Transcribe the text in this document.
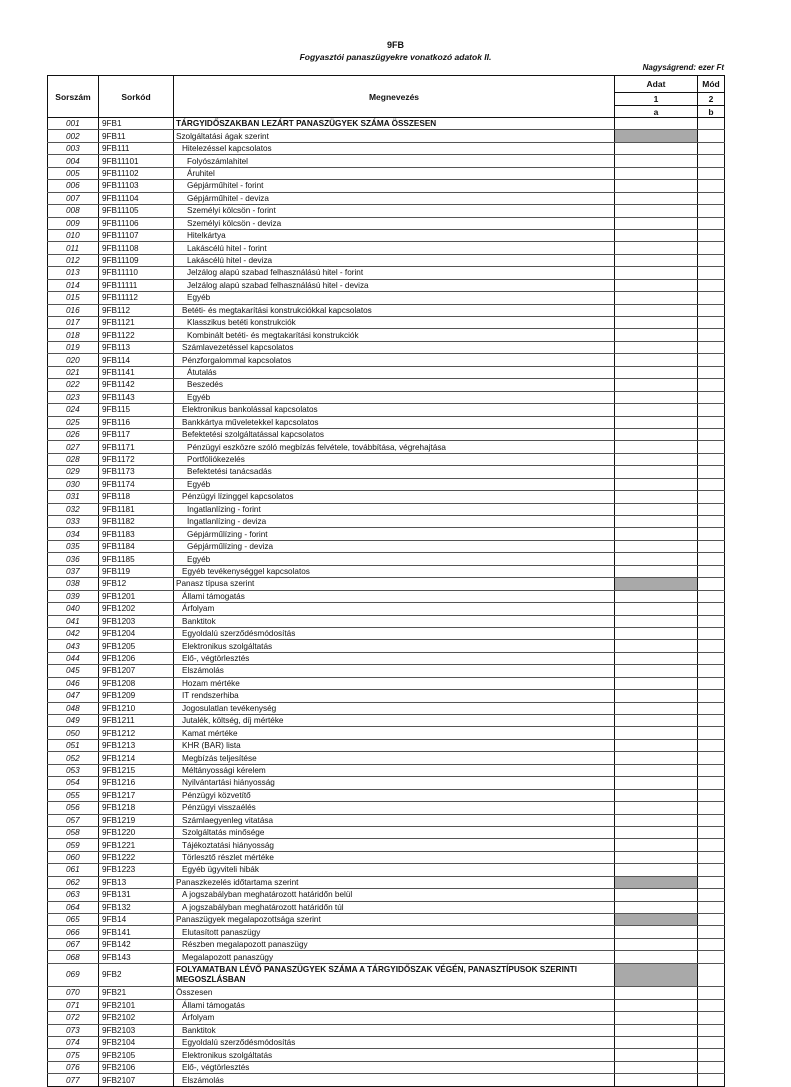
9FB
Fogyasztói panaszügyekre vonatkozó adatok II.
Nagyságrend: ezer Ft
Sorszám	Sorkód	Megnevezés	Adat	Mód
			1	2
			a	b
001	9FB1	TÁRGYIDŐSZAKBAN LEZÁRT PANASZÜGYEK SZÁMA ÖSSZESEN		
002	9FB11	Szolgáltatási ágak szerint		
003	9FB111	Hitelezéssel kapcsolatos		
004	9FB11101	Folyószámlahitel		
005	9FB11102	Áruhitel		
006	9FB11103	Gépjárműhitel - forint		
007	9FB11104	Gépjárműhitel - deviza		
008	9FB11105	Személyi kölcsön - forint		
009	9FB11106	Személyi kölcsön - deviza		
010	9FB11107	Hitelkártya		
011	9FB11108	Lakáscélú hitel - forint		
012	9FB11109	Lakáscélú hitel - deviza		
013	9FB11110	Jelzálog alapú szabad felhasználású hitel - forint		
014	9FB11111	Jelzálog alapú szabad felhasználású hitel - deviza		
015	9FB11112	Egyéb		
016	9FB112	Betéti- és megtakarítási konstrukciókkal kapcsolatos		
017	9FB1121	Klasszikus betéti konstrukciók		
018	9FB1122	Kombinált betéti- és megtakarítási konstrukciók		
019	9FB113	Számlavezetéssel kapcsolatos		
020	9FB114	Pénzforgalommal kapcsolatos		
021	9FB1141	Átutalás		
022	9FB1142	Beszedés		
023	9FB1143	Egyéb		
024	9FB115	Elektronikus bankolással kapcsolatos		
025	9FB116	Bankkártya műveletekkel kapcsolatos		
026	9FB117	Befektetési szolgáltatással kapcsolatos		
027	9FB1171	Pénzügyi eszközre szóló megbízás felvétele, továbbítása, végrehajtása		
028	9FB1172	Portfóliókezelés		
029	9FB1173	Befektetési tanácsadás		
030	9FB1174	Egyéb		
031	9FB118	Pénzügyi lízinggel kapcsolatos		
032	9FB1181	Ingatlanlízing - forint		
033	9FB1182	Ingatlanlízing - deviza		
034	9FB1183	Gépjárműlízing - forint		
035	9FB1184	Gépjárműlízing - deviza		
036	9FB1185	Egyéb		
037	9FB119	Egyéb tevékenységgel kapcsolatos		
038	9FB12	Panasz típusa szerint		
039	9FB1201	Állami támogatás		
040	9FB1202	Árfolyam		
041	9FB1203	Banktitok		
042	9FB1204	Egyoldalú szerződésmódosítás		
043	9FB1205	Elektronikus szolgáltatás		
044	9FB1206	Elő-, végtörlesztés		
045	9FB1207	Elszámolás		
046	9FB1208	Hozam mértéke		
047	9FB1209	IT rendszerhiba		
048	9FB1210	Jogosulatlan tevékenység		
049	9FB1211	Jutalék, költség, díj mértéke		
050	9FB1212	Kamat mértéke		
051	9FB1213	KHR (BAR) lista		
052	9FB1214	Megbízás teljesítése		
053	9FB1215	Méltányossági kérelem		
054	9FB1216	Nyilvántartási hiányosság		
055	9FB1217	Pénzügyi közvetítő		
056	9FB1218	Pénzügyi visszaélés		
057	9FB1219	Számlaegyenleg vitatása		
058	9FB1220	Szolgáltatás minősége		
059	9FB1221	Tájékoztatási hiányosság		
060	9FB1222	Törlesztő részlet mértéke		
061	9FB1223	Egyéb ügyviteli hibák		
062	9FB13	Panaszkezelés időtartama szerint		
063	9FB131	A jogszabályban meghatározott határidőn belül		
064	9FB132	A jogszabályban meghatározott határidőn túl		
065	9FB14	Panaszügyek megalapozottsága szerint		
066	9FB141	Elutasított panaszügy		
067	9FB142	Részben megalapozott panaszügy		
068	9FB143	Megalapozott panaszügy		
069	9FB2	FOLYAMATBAN LÉVŐ PANASZÜGYEK SZÁMA A TÁRGYIDŐSZAK VÉGÉN, PANASZTÍPUSOK SZERINTI MEGOSZLÁSBAN		
070	9FB21	Összesen		
071	9FB2101	Állami támogatás		
072	9FB2102	Árfolyam		
073	9FB2103	Banktitok		
074	9FB2104	Egyoldalú szerződésmódosítás		
075	9FB2105	Elektronikus szolgáltatás		
076	9FB2106	Elő-, végtörlesztés		
077	9FB2107	Elszámolás		
